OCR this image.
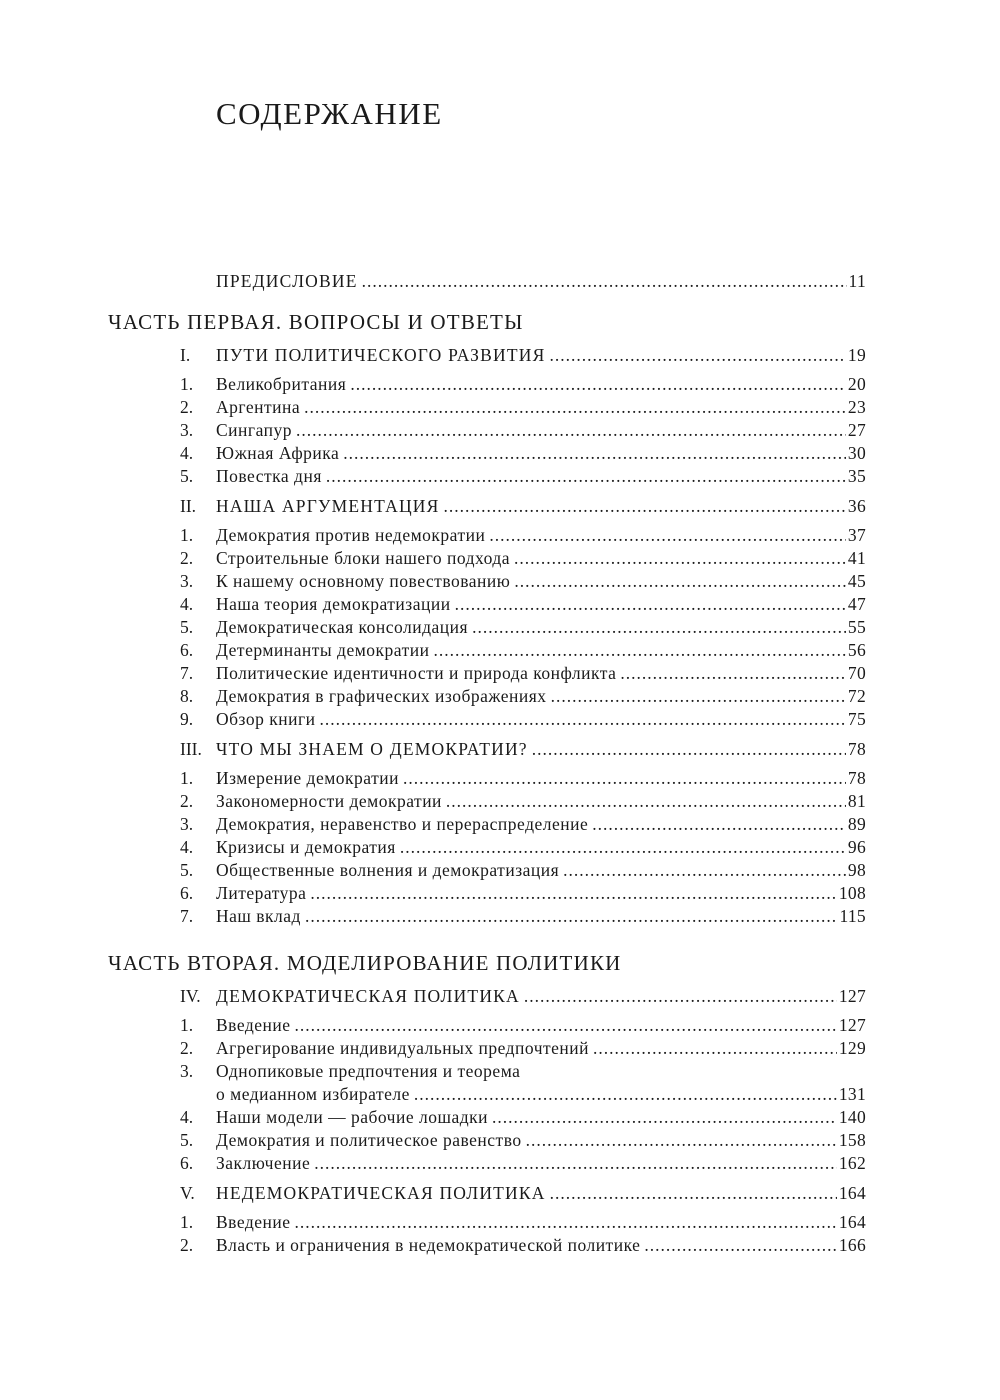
СОДЕРЖАНИЕ
ПРЕДИСЛОВИЕ .....	11
ЧАСТЬ ПЕРВАЯ. ВОПРОСЫ И ОТВЕТЫ
I.	ПУТИ ПОЛИТИЧЕСКОГО РАЗВИТИЯ .....	19
1.	Великобритания .....	20
2.	Аргентина .....	23
3.	Сингапур .....	27
4.	Южная Африка .....	30
5.	Повестка дня .....	35
II.	НАША АРГУМЕНТАЦИЯ .....	36
1.	Демократия против недемократии .....	37
2.	Строительные блоки нашего подхода .....	41
3.	К нашему основному повествованию .....	45
4.	Наша теория демократизации .....	47
5.	Демократическая консолидация .....	55
6.	Детерминанты демократии .....	56
7.	Политические идентичности и природа конфликта .....	70
8.	Демократия в графических изображениях .....	72
9.	Обзор книги .....	75
III. ЧТО МЫ ЗНАЕМ О ДЕМОКРАТИИ? .....	78
1.	Измерение демократии .....	78
2.	Закономерности демократии .....	81
3.	Демократия, неравенство и перераспределение .....	89
4.	Кризисы и демократия .....	96
5.	Общественные волнения и демократизация .....	98
6.	Литература .....	108
7.	Наш вклад .....	115
ЧАСТЬ ВТОРАЯ. МОДЕЛИРОВАНИЕ ПОЛИТИКИ
IV. ДЕМОКРАТИЧЕСКАЯ ПОЛИТИКА .....	127
1.	Введение .....	127
2.	Агрегирование индивидуальных предпочтений .....	129
3.	Однопиковые предпочтения и теорема
о медианном избирателе .....	131
4.	Наши модели — рабочие лошадки .....	140
5.	Демократия и политическое равенство .....	158
6.	Заключение .....	162
V.	НЕДЕМОКРАТИЧЕСКАЯ ПОЛИТИКА .....	164
1.	Введение .....	164
2.	Власть и ограничения в недемократической политике .....	166
